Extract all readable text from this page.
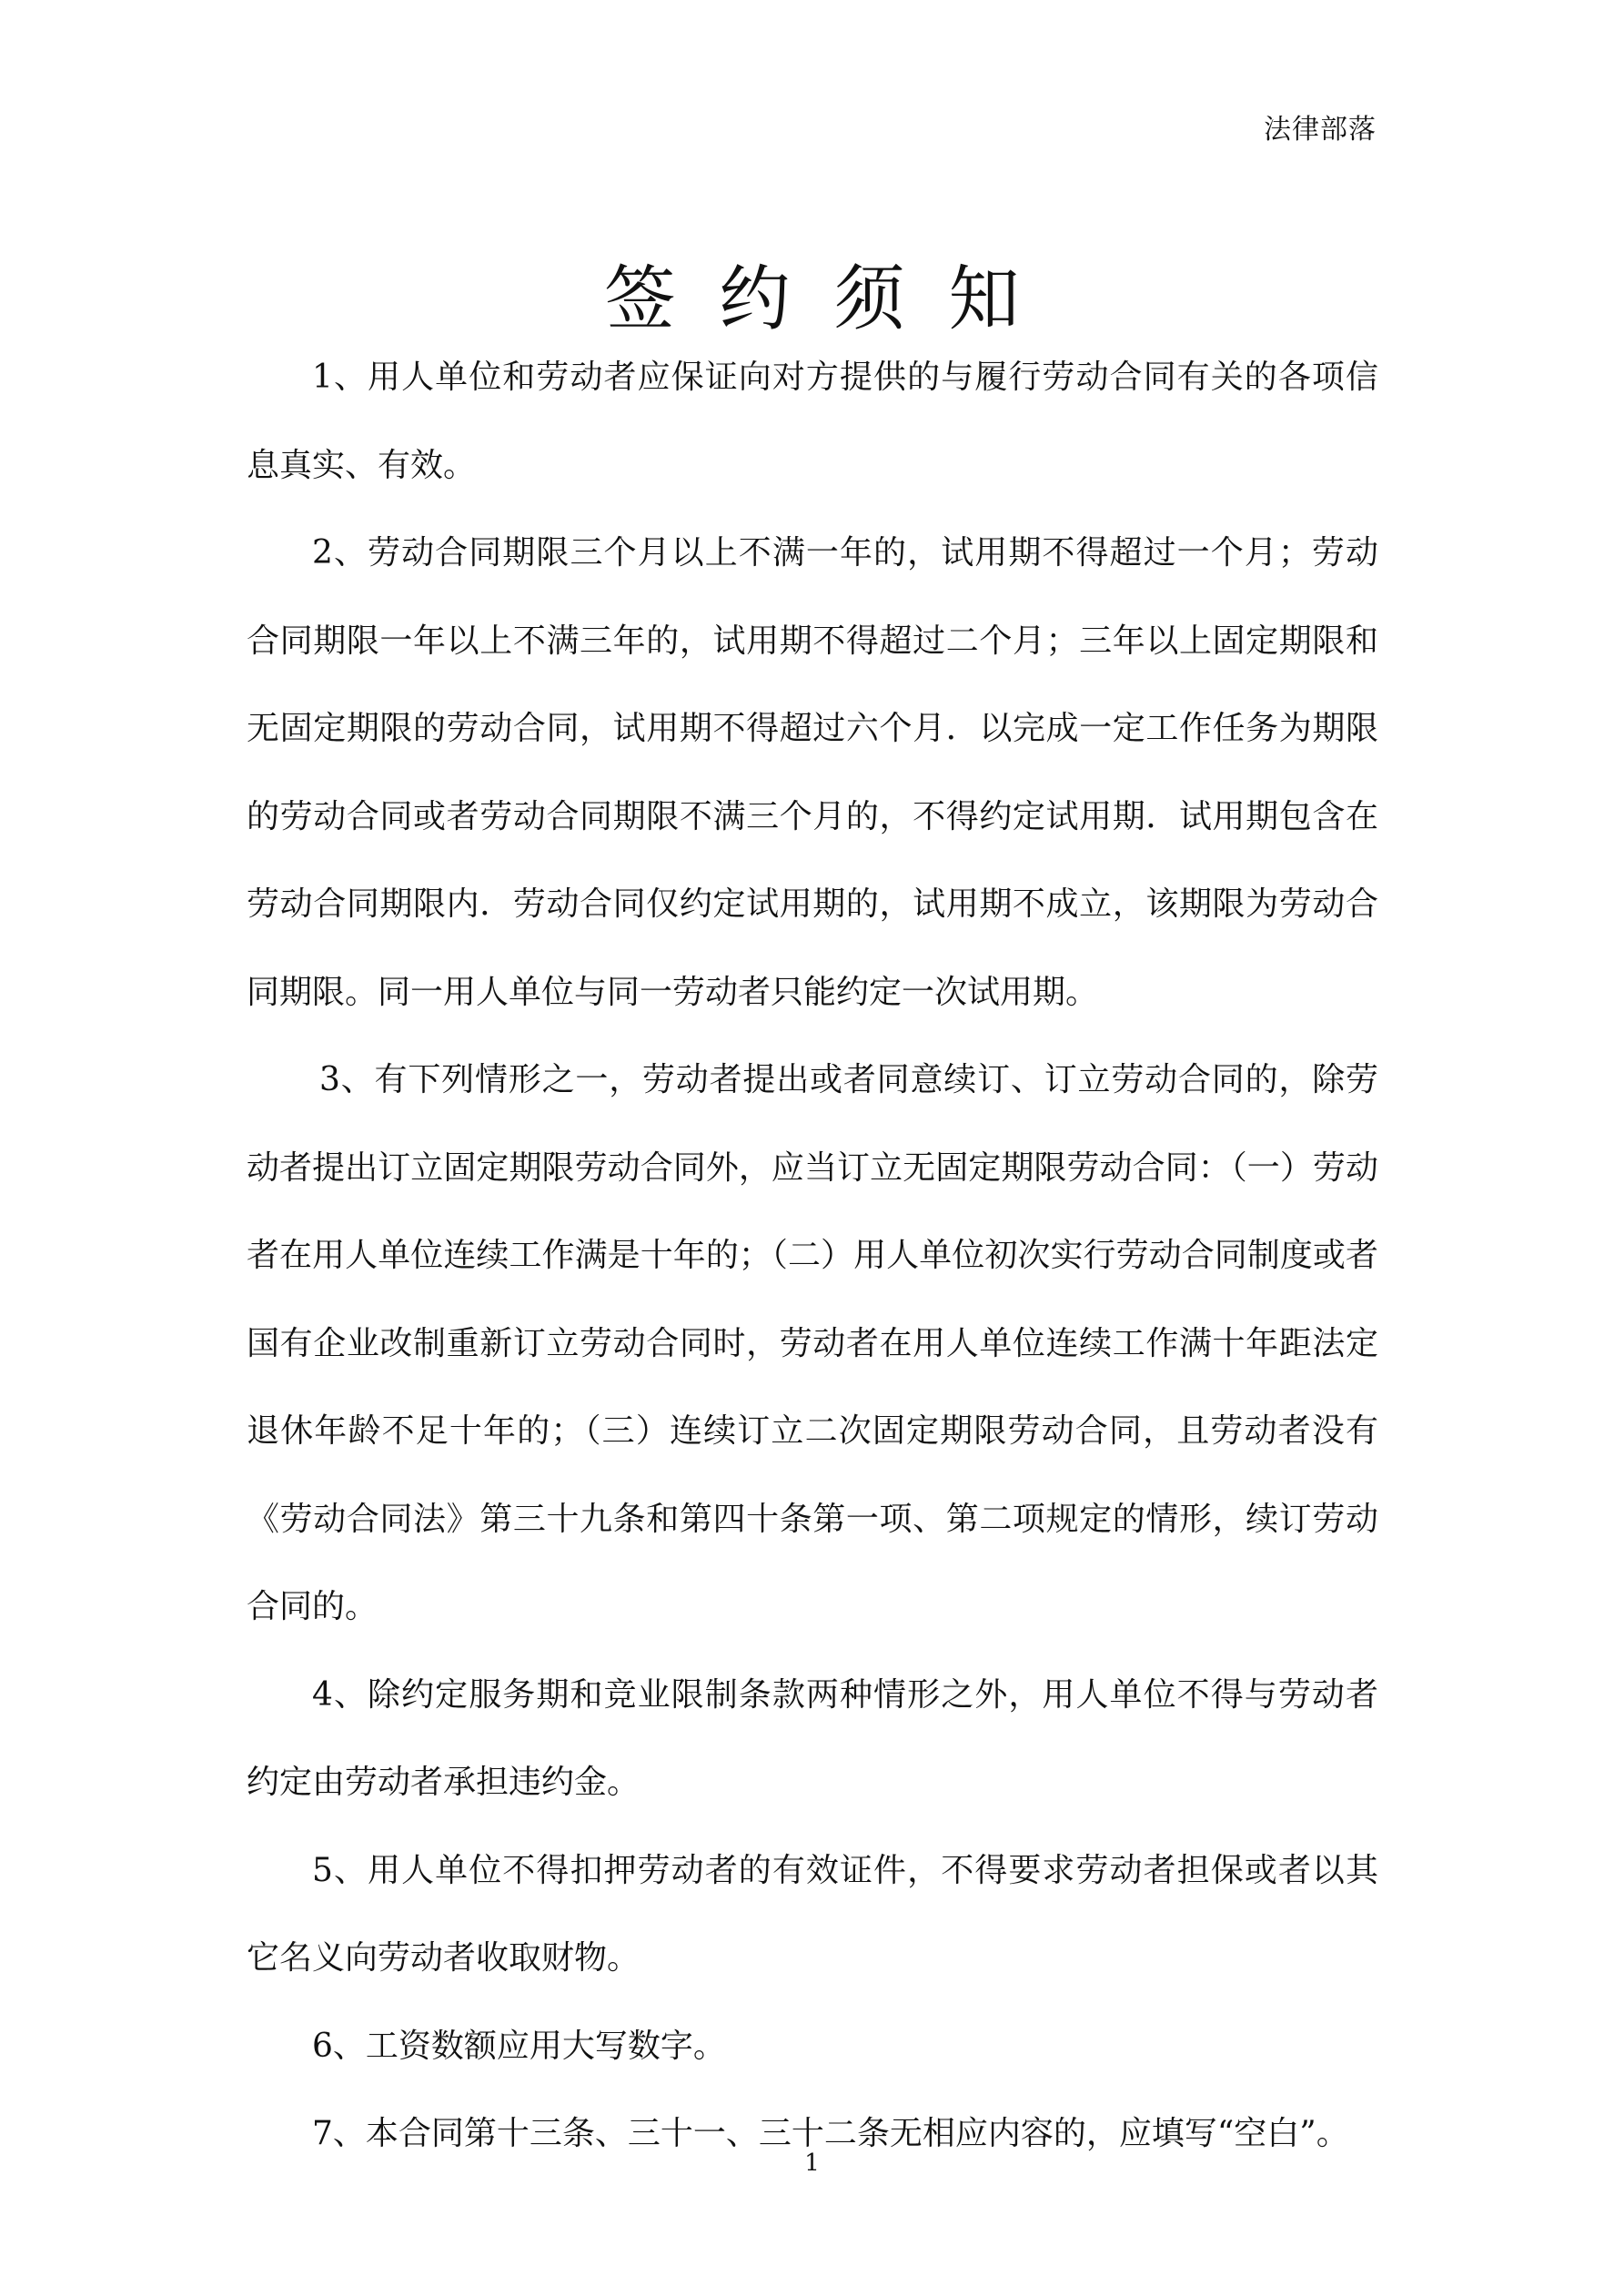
法律部落
签约须知

1、用人单位和劳动者应保证向对方提供的与履行劳动合同有关的各项信息真实、有效。

2、劳动合同期限三个月以上不满一年的，试用期不得超过一个月；劳动合同期限一年以上不满三年的，试用期不得超过二个月；三年以上固定期限和无固定期限的劳动合同，试用期不得超过六个月．以完成一定工作任务为期限的劳动合同或者劳动合同期限不满三个月的，不得约定试用期．试用期包含在劳动合同期限内．劳动合同仅约定试用期的，试用期不成立，该期限为劳动合同期限。同一用人单位与同一劳动者只能约定一次试用期。

3、有下列情形之一，劳动者提出或者同意续订、订立劳动合同的，除劳动者提出订立固定期限劳动合同外，应当订立无固定期限劳动合同：（一）劳动者在用人单位连续工作满是十年的；（二）用人单位初次实行劳动合同制度或者国有企业改制重新订立劳动合同时，劳动者在用人单位连续工作满十年距法定退休年龄不足十年的；（三）连续订立二次固定期限劳动合同，且劳动者没有《劳动合同法》第三十九条和第四十条第一项、第二项规定的情形，续订劳动合同的。

4、除约定服务期和竞业限制条款两种情形之外，用人单位不得与劳动者约定由劳动者承担违约金。

5、用人单位不得扣押劳动者的有效证件，不得要求劳动者担保或者以其它名义向劳动者收取财物。

6、工资数额应用大写数字。

7、本合同第十三条、三十一、三十二条无相应内容的，应填写“空白”。

1
